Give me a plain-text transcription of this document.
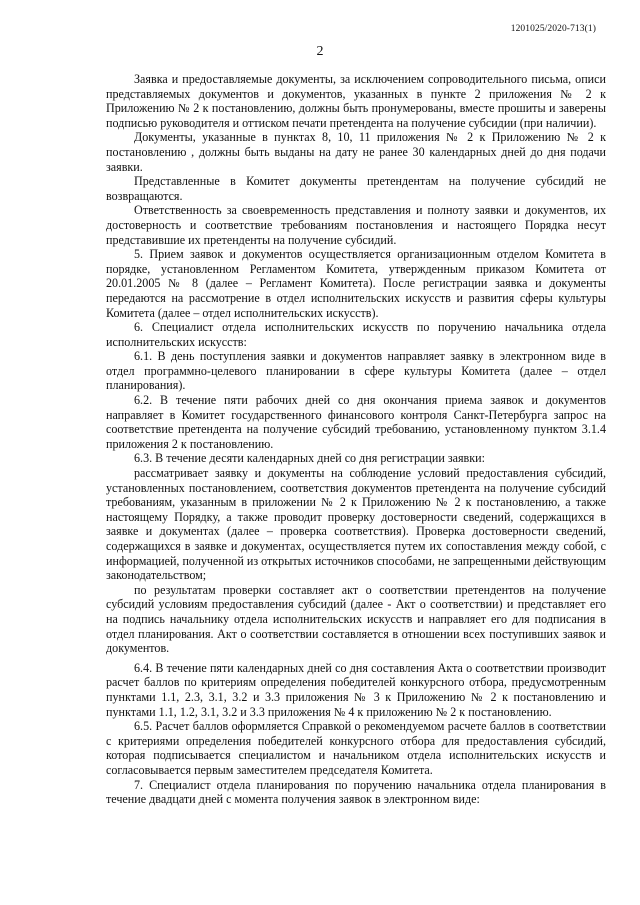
1201025/2020-713(1)
2

Заявка и предоставляемые документы, за исключением сопроводительного письма, описи представляемых документов и документов, указанных в пункте 2 приложения № 2 к Приложению № 2 к постановлению, должны быть пронумерованы, вместе прошиты и заверены подписью руководителя и оттиском печати претендента на получение субсидии (при наличии).

Документы, указанные в пунктах 8, 10, 11 приложения № 2 к Приложению № 2 к постановлению , должны быть выданы на дату не ранее 30 календарных дней до дня подачи заявки.

Представленные в Комитет документы претендентам на получение субсидий не возвращаются.

Ответственность за своевременность представления и полноту заявки и документов, их достоверность и соответствие требованиям постановления и настоящего Порядка несут представившие их претенденты на получение субсидий.

5. Прием заявок и документов осуществляется организационным отделом Комитета в порядке, установленном Регламентом Комитета, утвержденным приказом Комитета от 20.01.2005 № 8 (далее – Регламент Комитета). После регистрации заявка и документы передаются на рассмотрение в отдел исполнительских искусств и развития сферы культуры Комитета (далее – отдел исполнительских искусств).

6. Специалист отдела исполнительских искусств по поручению начальника отдела исполнительских искусств:

6.1. В день поступления заявки и документов направляет заявку в электронном виде в отдел программно-целевого планировании в сфере культуры Комитета (далее – отдел планирования).

6.2. В течение пяти рабочих дней со дня окончания приема заявок и документов направляет в Комитет государственного финансового контроля Санкт-Петербурга запрос на соответствие претендента на получение субсидий требованию, установленному пунктом 3.1.4 приложения 2 к постановлению.

6.3. В течение десяти календарных дней со дня регистрации заявки:

рассматривает заявку и документы на соблюдение условий предоставления субсидий, установленных постановлением, соответствия документов претендента на получение субсидий требованиям, указанным в приложении № 2 к Приложению № 2 к постановлению, а также настоящему Порядку, а также проводит проверку достоверности сведений, содержащихся в заявке и документах (далее – проверка соответствия). Проверка достоверности сведений, содержащихся в заявке и документах, осуществляется путем их сопоставления между собой, с информацией, полученной из открытых источников способами, не запрещенными действующим законодательством;

по результатам проверки составляет акт о соответствии претендентов на получение субсидий условиям предоставления субсидий (далее - Акт о соответствии) и представляет его на подпись начальнику отдела исполнительских искусств и направляет его для подписания в отдел планирования. Акт о соответствии составляется в отношении всех поступивших заявок и документов.

6.4. В течение пяти календарных дней со дня составления Акта о соответствии производит расчет баллов по критериям определения победителей конкурсного отбора, предусмотренным пунктами 1.1, 2.3, 3.1, 3.2 и 3.3 приложения № 3 к Приложению № 2 к постановлению и пунктами 1.1, 1.2, 3.1, 3.2 и 3.3 приложения № 4 к приложению № 2 к постановлению.

6.5. Расчет баллов оформляется Справкой о рекомендуемом расчете баллов в соответствии с критериями определения победителей конкурсного отбора для предоставления субсидий, которая подписывается специалистом и начальником отдела исполнительских искусств и согласовывается первым заместителем председателя Комитета.

7. Специалист отдела планирования по поручению начальника отдела планирования в течение двадцати дней с момента получения заявок в электронном виде:
